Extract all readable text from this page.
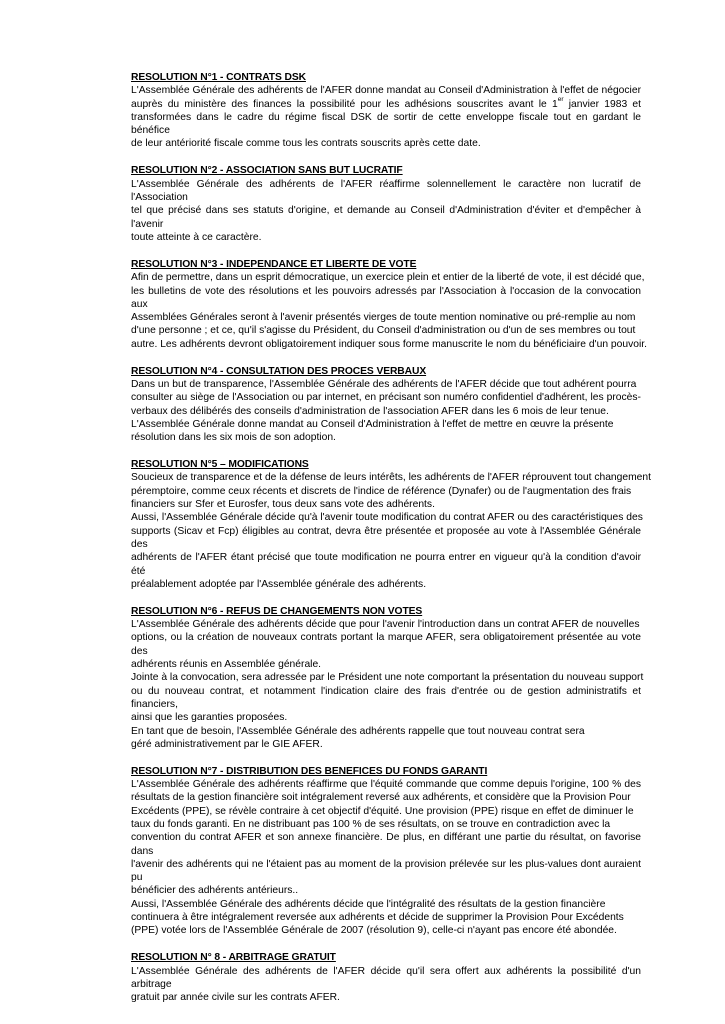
RESOLUTION N°1 - CONTRATS DSK
L'Assemblée Générale des adhérents de l'AFER donne mandat au Conseil d'Administration à l'effet de négocier
auprès du ministère des finances la possibilité pour les adhésions souscrites avant le 1er janvier 1983 et
transformées dans le cadre du régime fiscal DSK de sortir de cette enveloppe fiscale tout en gardant le bénéfice
de leur antériorité fiscale comme tous les contrats souscrits après cette date.
RESOLUTION N°2 - ASSOCIATION SANS BUT LUCRATIF
L'Assemblée Générale des adhérents de l'AFER réaffirme solennellement le caractère non lucratif de l'Association
tel que précisé dans ses statuts d'origine, et demande au Conseil d'Administration d'éviter et d'empêcher à l'avenir
toute atteinte à ce caractère.
RESOLUTION N°3 - INDEPENDANCE ET LIBERTE DE VOTE
Afin de permettre, dans un esprit démocratique, un exercice plein et entier de la liberté de vote, il est décidé que,
les bulletins de vote des résolutions et les pouvoirs adressés par l'Association à l'occasion de la convocation aux
Assemblées Générales seront à l'avenir présentés vierges de toute mention nominative ou pré-remplie au nom
d'une personne ; et ce, qu'il s'agisse du Président, du Conseil d'administration ou d'un de ses membres ou tout
autre. Les adhérents devront obligatoirement indiquer sous forme manuscrite le nom du bénéficiaire d'un pouvoir.
RESOLUTION N°4 - CONSULTATION DES PROCES VERBAUX
Dans un but de transparence, l'Assemblée Générale des adhérents de l'AFER décide que tout adhérent pourra
consulter au siège de l'Association ou par internet, en précisant son numéro confidentiel d'adhérent, les procès-
verbaux des délibérés des conseils d'administration de l'association AFER dans les 6 mois de leur tenue.
L'Assemblée Générale donne mandat au Conseil d'Administration à l'effet de mettre en œuvre la présente
résolution dans les six mois de son adoption.
RESOLUTION N°5 – MODIFICATIONS
Soucieux de transparence et de la défense de leurs intérêts, les adhérents de l'AFER réprouvent tout changement
péremptoire, comme ceux récents et discrets de l'indice de référence (Dynafer) ou de l'augmentation des frais
financiers sur Sfer et Eurosfer, tous deux sans vote des adhérents.
Aussi, l'Assemblée Générale décide qu'à l'avenir toute modification du contrat AFER ou des caractéristiques des
supports (Sicav et Fcp) éligibles au contrat, devra être présentée et proposée au vote à l'Assemblée Générale des
adhérents de l'AFER étant précisé que toute modification ne pourra entrer en vigueur qu'à la condition d'avoir été
préalablement adoptée par l'Assemblée générale des adhérents.
RESOLUTION N°6 - REFUS DE CHANGEMENTS NON VOTES
L'Assemblée Générale des adhérents décide que pour l'avenir l'introduction dans un contrat AFER de nouvelles
options, ou la création de nouveaux contrats portant la marque AFER, sera obligatoirement présentée au vote des
adhérents réunis en Assemblée générale.
Jointe à la convocation, sera adressée par le Président une note comportant la présentation du nouveau support
ou du nouveau contrat, et notamment l'indication claire des frais d'entrée ou de gestion administratifs et financiers,
ainsi que les garanties proposées.
En tant que de besoin, l'Assemblée Générale des adhérents rappelle que tout nouveau contrat sera
géré administrativement par le GIE AFER.
RESOLUTION N°7 - DISTRIBUTION DES BENEFICES DU FONDS GARANTI
L'Assemblée Générale des adhérents réaffirme que l'équité commande que comme depuis l'origine, 100 % des
résultats de la gestion financière soit intégralement reversé aux adhérents, et considère que la Provision Pour
Excédents (PPE), se révèle contraire à cet objectif d'équité. Une provision (PPE) risque en effet de diminuer le
taux du fonds garanti. En ne distribuant pas 100 % de ses résultats, on se trouve en contradiction avec la
convention du contrat AFER et son annexe financière. De plus, en différant une partie du résultat, on favorise dans
l'avenir des adhérents qui ne l'étaient pas au moment de la provision prélevée sur les plus-values dont auraient pu
bénéficier des adhérents antérieurs..
Aussi, l'Assemblée Générale des adhérents décide que l'intégralité des résultats de la gestion financière
continuera à être intégralement reversée aux adhérents et décide de supprimer la Provision Pour Excédents
(PPE) votée lors de l'Assemblée Générale de 2007 (résolution 9), celle-ci n'ayant pas encore été abondée.
RESOLUTION N° 8 - ARBITRAGE GRATUIT
L'Assemblée Générale des adhérents de l'AFER décide qu'il sera offert aux adhérents la possibilité d'un arbitrage
gratuit par année civile sur les contrats AFER.
